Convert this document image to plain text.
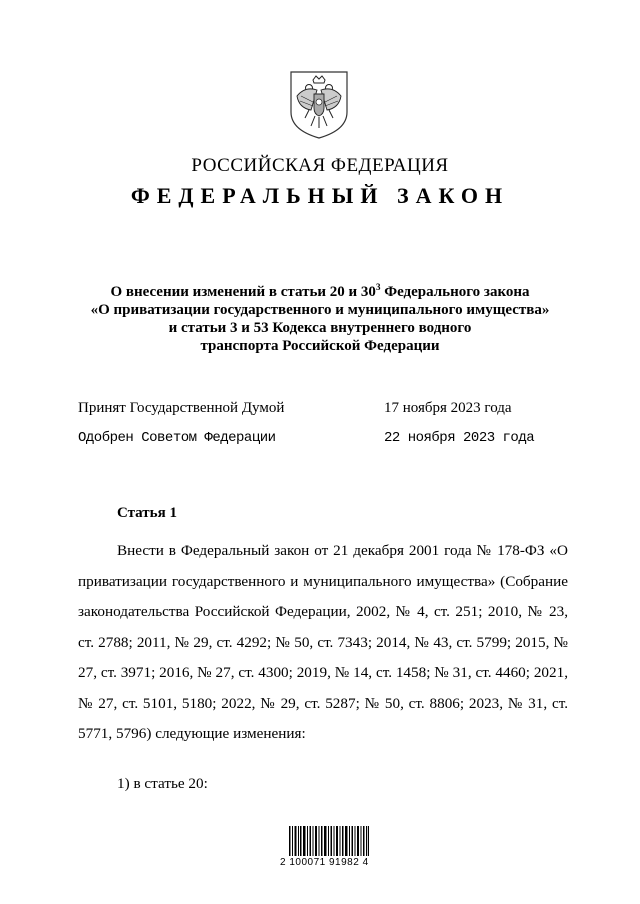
РОССИЙСКАЯ ФЕДЕРАЦИЯ
ФЕДЕРАЛЬНЫЙ ЗАКОН
О внесении изменений в статьи 20 и $30^3$ Федерального закона
«О приватизации государственного и муниципального имущества»
и статьи 3 и 53 Кодекса внутреннего водного
транспорта Российской Федерации
Принят Государственной Думой	17 ноября 2023 года
Одобрен Советом Федерации	22 ноября 2023 года
Статья 1

Внести в Федеральный закон от 21 декабря 2001 года № 178-ФЗ «О приватизации государственного и муниципального имущества» (Собрание законодательства Российской Федерации, 2002, № 4, ст. 251; 2010, № 23, ст. 2788; 2011, № 29, ст. 4292; № 50, ст. 7343; 2014, № 43, ст. 5799; 2015, № 27, ст. 3971; 2016, № 27, ст. 4300; 2019, № 14, ст. 1458; № 31, ст. 4460; 2021, № 27, ст. 5101, 5180; 2022, № 29, ст. 5287; № 50, ст. 8806; 2023, № 31, ст. 5771, 5796) следующие изменения:

1) в статье 20:
2 100071 91982 4
